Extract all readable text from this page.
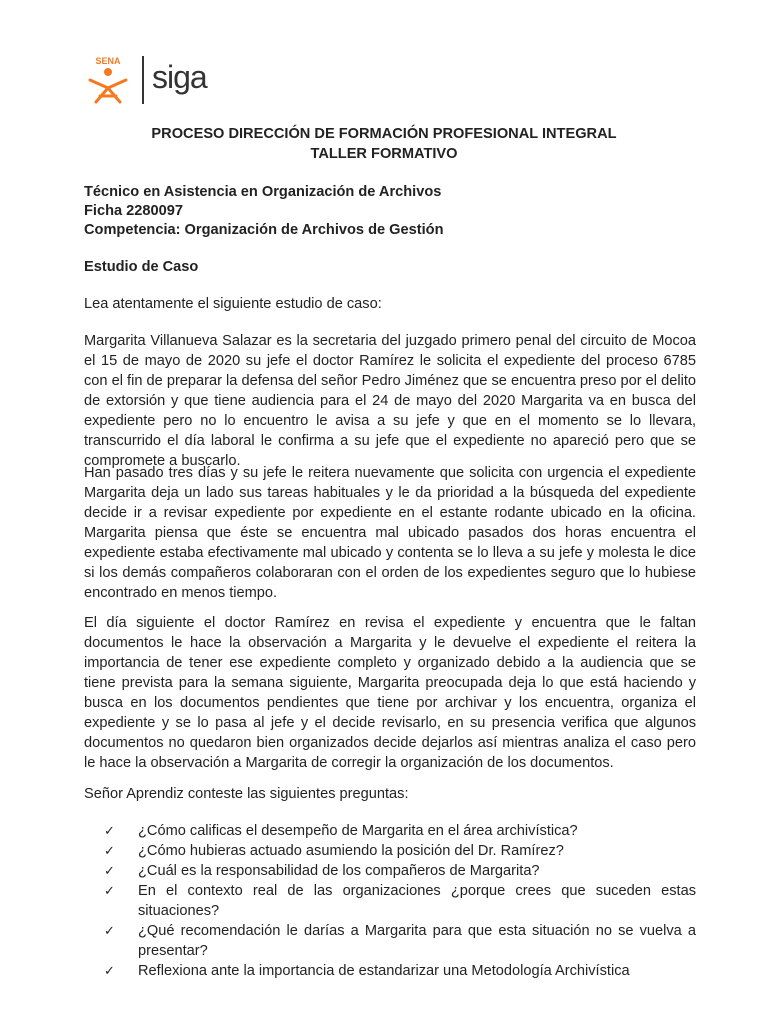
SENA siga
PROCESO DIRECCIÓN DE FORMACIÓN PROFESIONAL INTEGRAL
TALLER FORMATIVO
Técnico en Asistencia en Organización de Archivos
Ficha 2280097
Competencia: Organización de Archivos de Gestión
Estudio de Caso
Lea atentamente el siguiente estudio de caso:
Margarita Villanueva Salazar es la secretaria del juzgado primero penal del circuito de Mocoa el 15 de mayo de 2020 su jefe el doctor Ramírez le solicita el expediente del proceso 6785 con el fin de preparar la defensa del señor Pedro Jiménez que se encuentra preso por el delito de extorsión y que tiene audiencia para el 24 de mayo del 2020 Margarita va en busca del expediente pero no lo encuentro le avisa a su jefe y que en el momento se lo llevara, transcurrido el día laboral le confirma a su jefe que el expediente no apareció pero que se compromete a buscarlo.
Han pasado tres días y su jefe le reitera nuevamente que solicita con urgencia el expediente Margarita deja un lado sus tareas habituales y le da prioridad a la búsqueda del expediente decide ir a revisar expediente por expediente en el estante rodante ubicado en la oficina. Margarita piensa que éste se encuentra mal ubicado pasados dos horas encuentra el expediente estaba efectivamente mal ubicado y contenta se lo lleva a su jefe y molesta le dice si los demás compañeros colaboraran con el orden de los expedientes seguro que lo hubiese encontrado en menos tiempo.
El día siguiente el doctor Ramírez en revisa el expediente y encuentra que le faltan documentos le hace la observación a Margarita y le devuelve el expediente el reitera la importancia de tener ese expediente completo y organizado debido a la audiencia que se tiene prevista para la semana siguiente, Margarita preocupada deja lo que está haciendo y busca en los documentos pendientes que tiene por archivar y los encuentra, organiza el expediente y se lo pasa al jefe y el decide revisarlo, en su presencia verifica que algunos documentos no quedaron bien organizados decide dejarlos así mientras analiza el caso pero le hace la observación a Margarita de corregir la organización de los documentos.
Señor Aprendiz conteste las siguientes preguntas:
✓ ¿Cómo calificas el desempeño de Margarita en el área archivística?
✓ ¿Cómo hubieras actuado asumiendo la posición del Dr. Ramírez?
✓ ¿Cuál es la responsabilidad de los compañeros de Margarita?
✓ En el contexto real de las organizaciones ¿porque crees que suceden estas situaciones?
✓ ¿Qué recomendación le darías a Margarita para que esta situación no se vuelva a presentar?
✓ Reflexiona ante la importancia de estandarizar una Metodología Archivística
